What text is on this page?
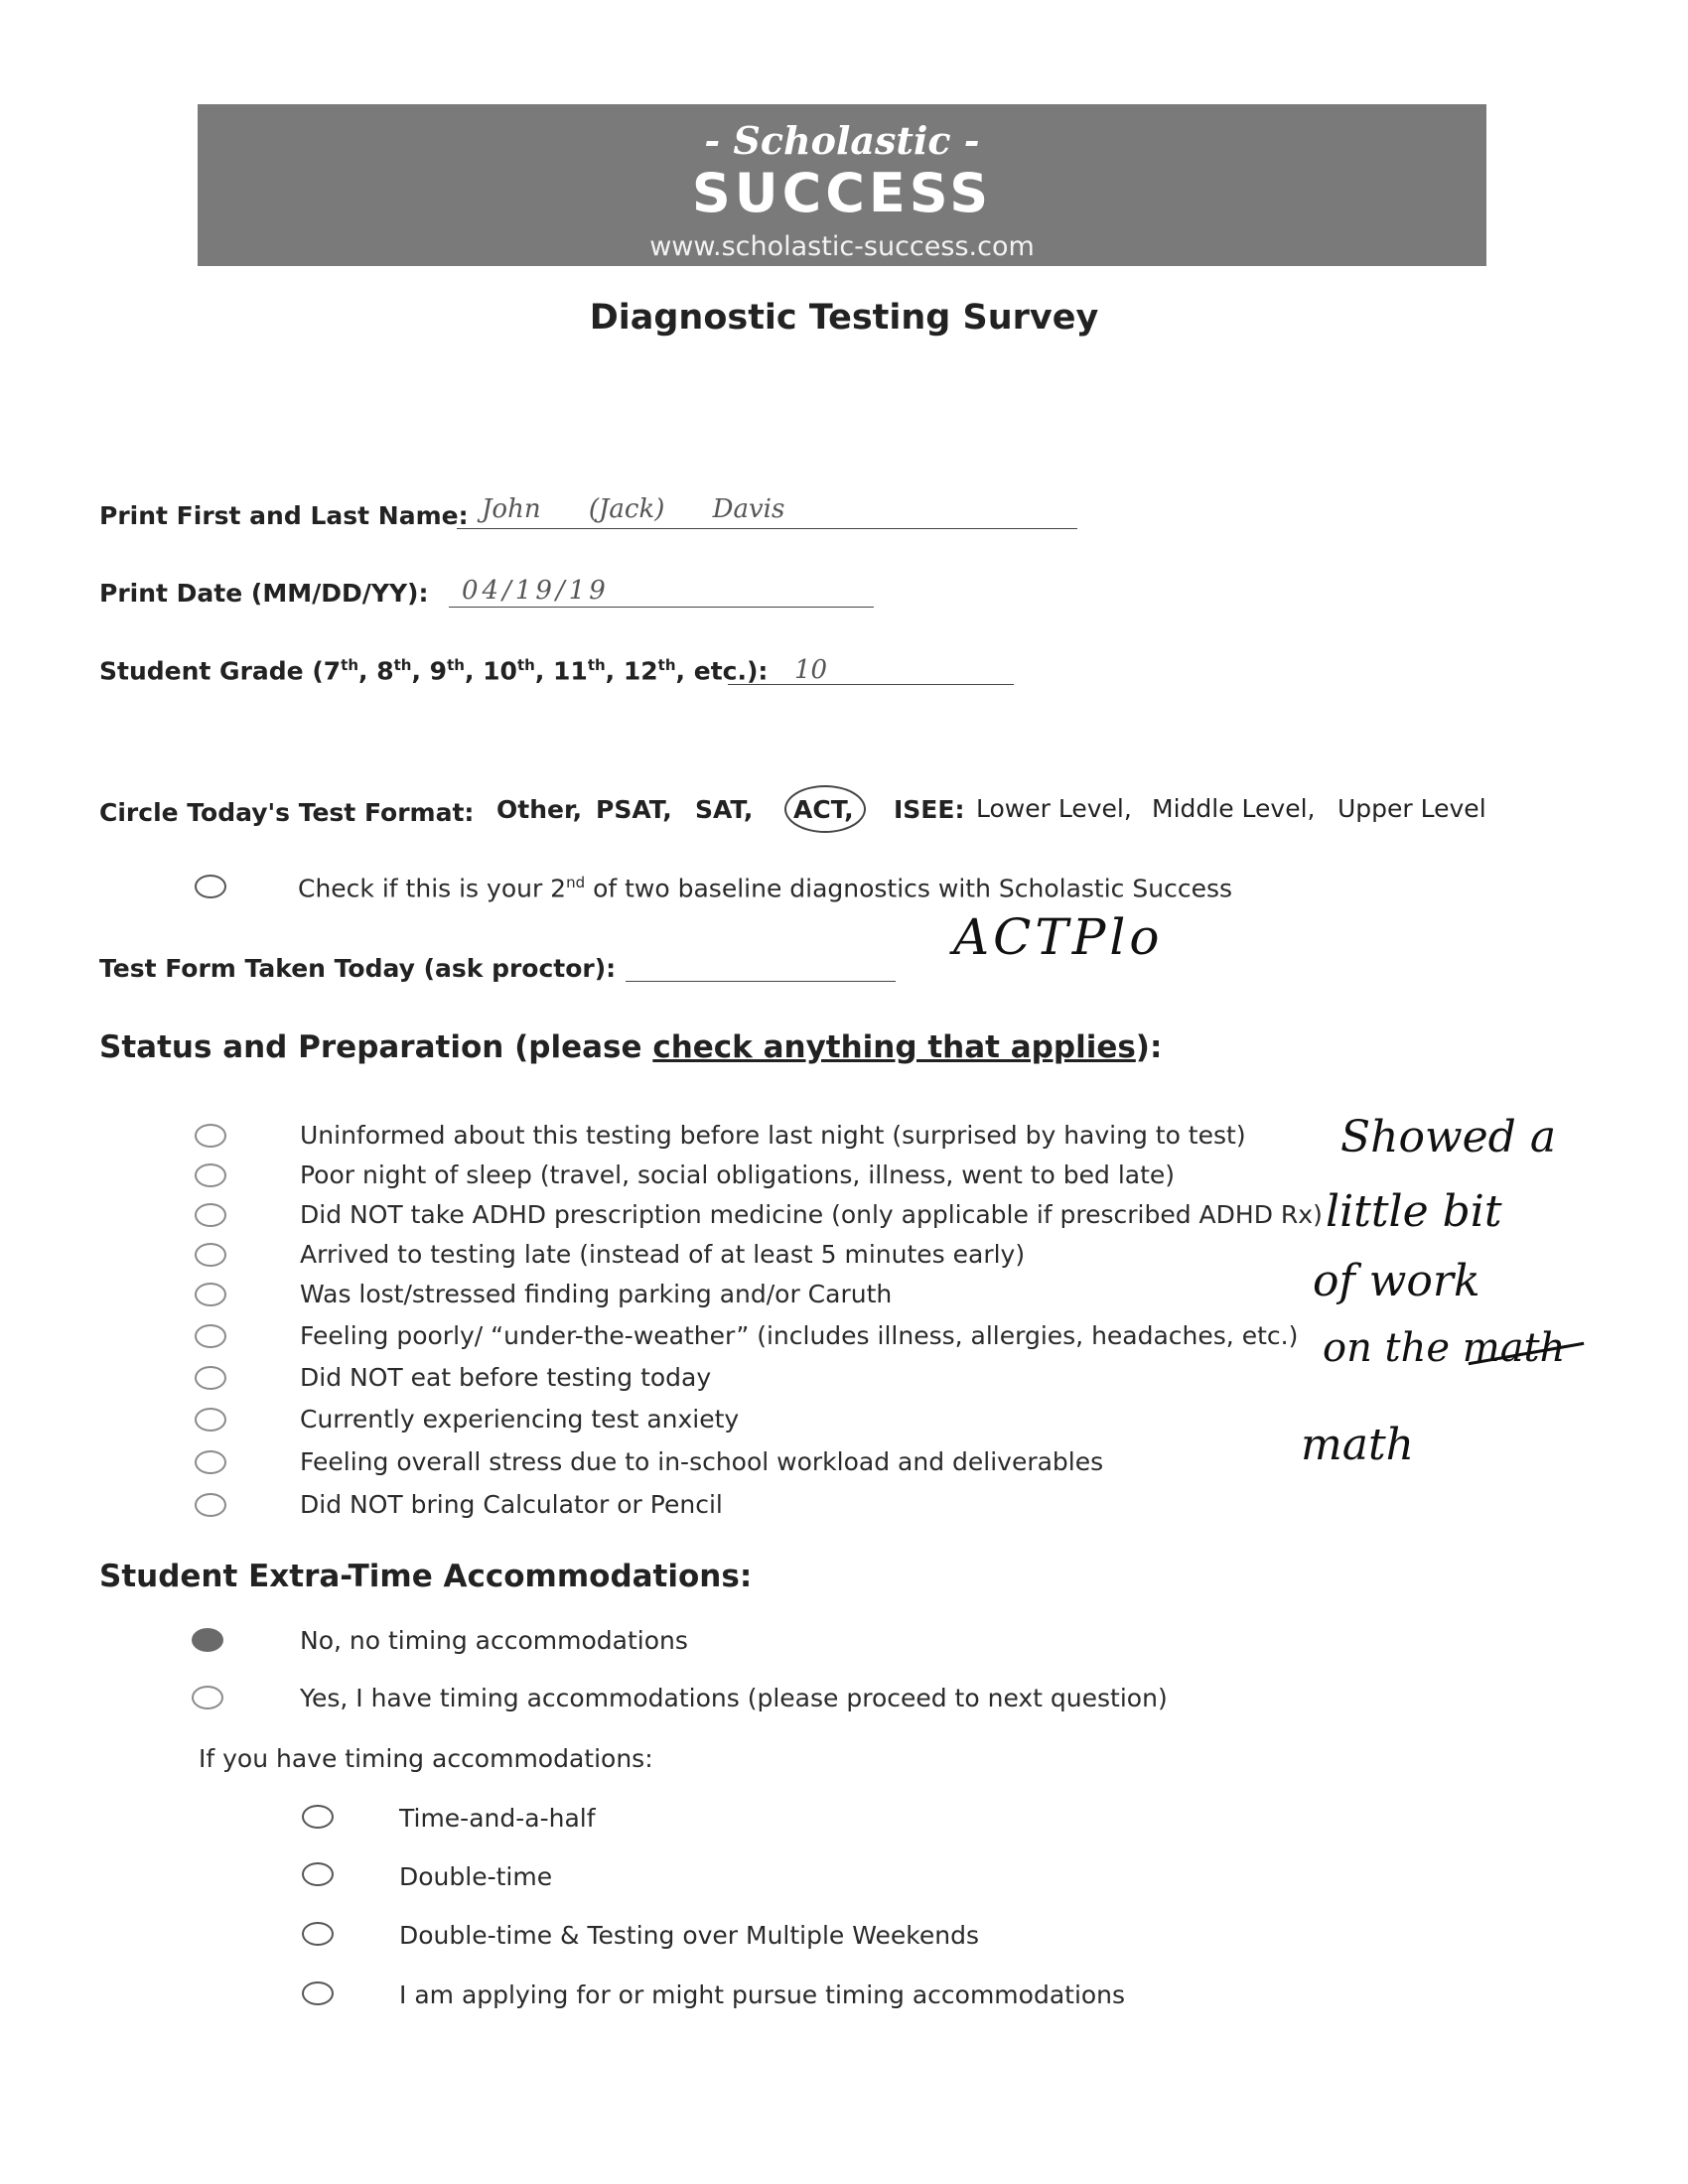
- Scholastic -
SUCCESS
www.scholastic-success.com
Diagnostic Testing Survey
Print First and Last Name: John (Jack) Davis
Print Date (MM/DD/YY): 04/19/19
Student Grade (7th, 8th, 9th, 10th, 11th, 12th, etc.): 10
Circle Today's Test Format: Other, PSAT, SAT, ACT, ISEE: Lower Level, Middle Level, Upper Level
Check if this is your 2nd of two baseline diagnostics with Scholastic Success
Test Form Taken Today (ask proctor):
ACTPlo
Status and Preparation (please check anything that applies):
Uninformed about this testing before last night (surprised by having to test)
Poor night of sleep (travel, social obligations, illness, went to bed late)
Did NOT take ADHD prescription medicine (only applicable if prescribed ADHD Rx)
Arrived to testing late (instead of at least 5 minutes early)
Was lost/stressed finding parking and/or Caruth
Feeling poorly/ “under-the-weather” (includes illness, allergies, headaches, etc.)
Did NOT eat before testing today
Currently experiencing test anxiety
Feeling overall stress due to in-school workload and deliverables
Did NOT bring Calculator or Pencil
Showed a
little bit
of work
on the math
math
Student Extra-Time Accommodations:
No, no timing accommodations
Yes, I have timing accommodations (please proceed to next question)
If you have timing accommodations:
Time-and-a-half
Double-time
Double-time & Testing over Multiple Weekends
I am applying for or might pursue timing accommodations
